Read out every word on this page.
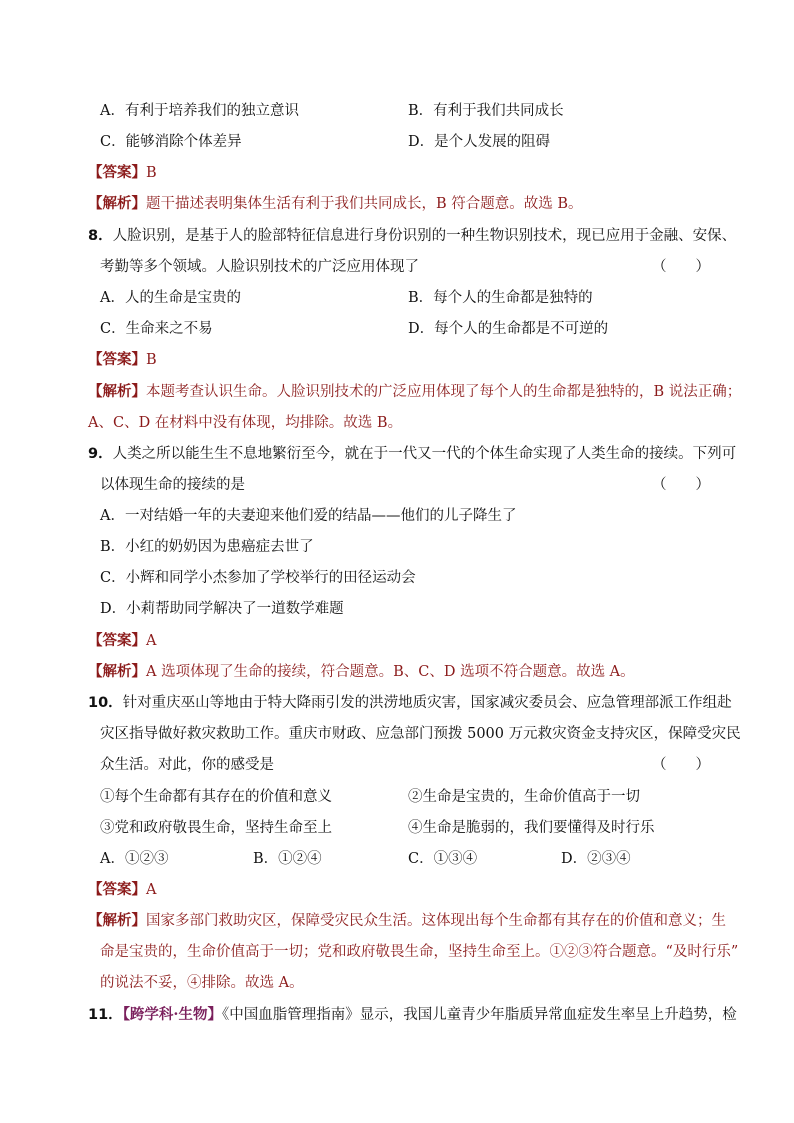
A．有利于培养我们的独立意识	B．有利于我们共同成长
C．能够消除个体差异	D．是个人发展的阻碍
【答案】B
【解析】题干描述表明集体生活有利于我们共同成长，B 符合题意。故选 B。
8．人脸识别，是基于人的脸部特征信息进行身份识别的一种生物识别技术，现已应用于金融、安保、
考勤等多个领域。人脸识别技术的广泛应用体现了	（　　）
A．人的生命是宝贵的	B．每个人的生命都是独特的
C．生命来之不易	D．每个人的生命都是不可逆的
【答案】B
【解析】本题考查认识生命。人脸识别技术的广泛应用体现了每个人的生命都是独特的，B 说法正确；
A、C、D 在材料中没有体现，均排除。故选 B。
9．人类之所以能生生不息地繁衍至今，就在于一代又一代的个体生命实现了人类生命的接续。下列可
以体现生命的接续的是	（　　）
A．一对结婚一年的夫妻迎来他们爱的结晶——他们的儿子降生了
B．小红的奶奶因为患癌症去世了
C．小辉和同学小杰参加了学校举行的田径运动会
D．小莉帮助同学解决了一道数学难题
【答案】A
【解析】A 选项体现了生命的接续，符合题意。B、C、D 选项不符合题意。故选 A。
10．针对重庆巫山等地由于特大降雨引发的洪涝地质灾害，国家减灾委员会、应急管理部派工作组赴
灾区指导做好救灾救助工作。重庆市财政、应急部门预拨 5000 万元救灾资金支持灾区，保障受灾民
众生活。对此，你的感受是	（　　）
①每个生命都有其存在的价值和意义	②生命是宝贵的，生命价值高于一切
③党和政府敬畏生命，坚持生命至上	④生命是脆弱的，我们要懂得及时行乐
A．①②③	B．①②④	C．①③④	D．②③④
【答案】A
【解析】国家多部门救助灾区，保障受灾民众生活。这体现出每个生命都有其存在的价值和意义；生
命是宝贵的，生命价值高于一切；党和政府敬畏生命，坚持生命至上。①②③符合题意。“及时行乐”
的说法不妥，④排除。故选 A。
11．【跨学科·生物】《中国血脂管理指南》显示，我国儿童青少年脂质异常血症发生率呈上升趋势，检
